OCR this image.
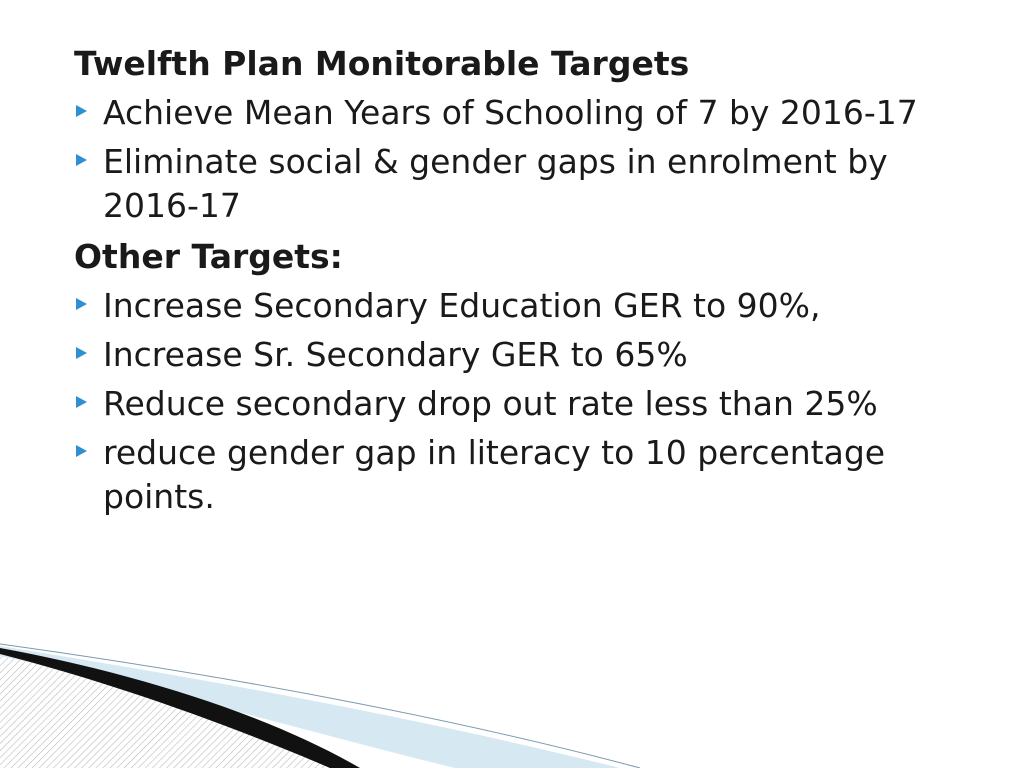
Twelfth Plan Monitorable Targets
Achieve Mean Years of Schooling of 7 by 2016-17
Eliminate social & gender gaps in enrolment by 2016-17
Other Targets:
Increase Secondary Education GER to 90%,
Increase Sr. Secondary GER to 65%
Reduce secondary drop out rate less than 25%
reduce gender gap in literacy to 10 percentage points.
